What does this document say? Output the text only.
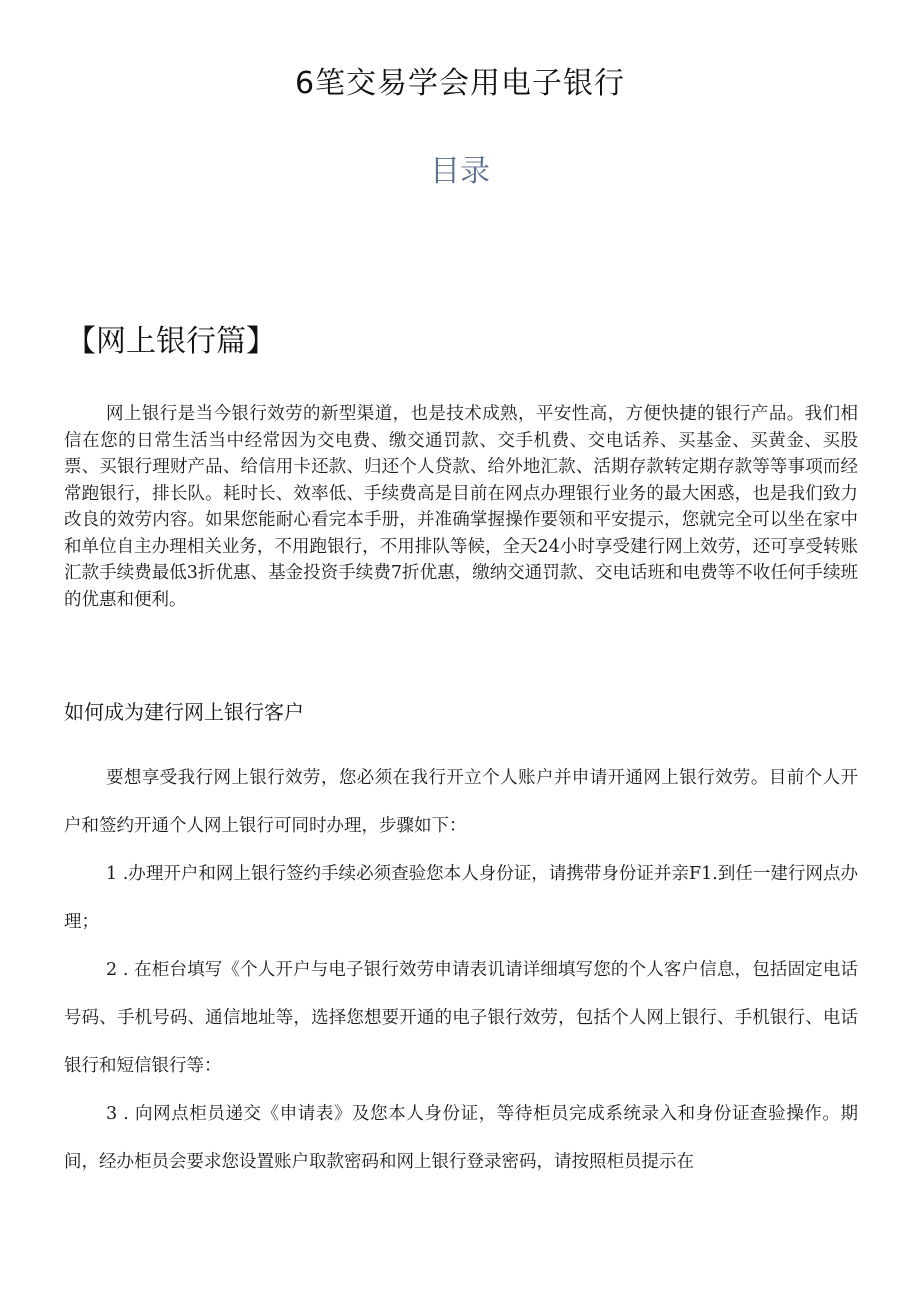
6笔交易学会用电子银行
目录
【网上银行篇】

网上银行是当今银行效劳的新型渠道，也是技术成熟，平安性高，方便快捷的银行产品。我们相信在您的日常生活当中经常因为交电费、缴交通罚款、交手机费、交电话养、买基金、买黄金、买股票、买银行理财产品、给信用卡还款、归还个人贷款、给外地汇款、活期存款转定期存款等等事项而经常跑银行，排长队。耗时长、效率低、手续费高是目前在网点办理银行业务的最大困惑，也是我们致力改良的效劳内容。如果您能耐心看完本手册，并准确掌握操作要领和平安提示，您就完全可以坐在家中和单位自主办理相关业务，不用跑银行，不用排队等候，全天24小时享受建行网上效劳，还可享受转账汇款手续费最低3折优惠、基金投资手续费7折优惠，缴纳交通罚款、交电话班和电费等不收任何手续班的优惠和便利。

如何成为建行网上银行客户

要想享受我行网上银行效劳，您必须在我行开立个人账户并申请开通网上银行效劳。目前个人开户和签约开通个人网上银行可同时办理，步骤如下：

1 .办理开户和网上银行签约手续必须查验您本人身份证，请携带身份证并亲F1.到任一建行网点办理；

2 . 在柜台填写《个人开户与电子银行效劳申请表讥请详细填写您的个人客户信息，包括固定电话号码、手机号码、通信地址等，选择您想要开通的电子银行效劳，包括个人网上银行、手机银行、电话银行和短信银行等：

3 . 向网点柜员递交《申请表》及您本人身份证，等待柜员完成系统录入和身份证查验操作。期间，经办柜员会要求您设置账户取款密码和网上银行登录密码，请按照柜员提示在
